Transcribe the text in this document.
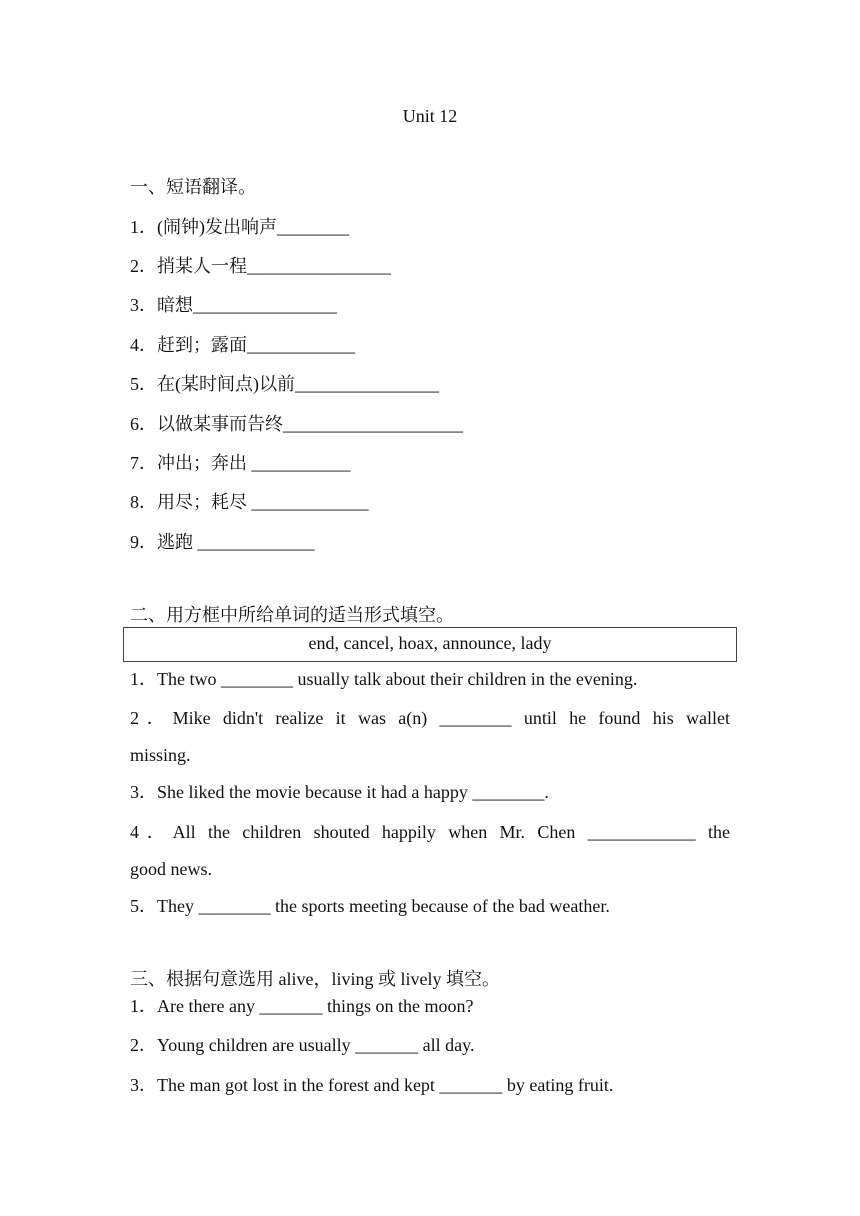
Unit 12
一、短语翻译。
1．(闹钟)发出响声________
2．捎某人一程________________
3．暗想________________
4．赶到；露面____________
5．在(某时间点)以前________________
6．以做某事而告终____________________
7．冲出；奔出 ___________
8．用尽；耗尽 _____________
9．逃跑 _____________
二、用方框中所给单词的适当形式填空。
end, cancel, hoax, announce, lady
1．The two ________ usually talk about their children in the evening.
2．Mike didn't realize it was a(n) ________ until he found his wallet
missing.
3．She liked the movie because it had a happy ________.
4．All the children shouted happily when Mr. Chen ____________ the
good news.
5．They ________ the sports meeting because of the bad weather.
三、根据句意选用 alive，living 或 lively 填空。
1．Are there any _______ things on the moon?
2．Young children are usually _______ all day.
3．The man got lost in the forest and kept _______ by eating fruit.
